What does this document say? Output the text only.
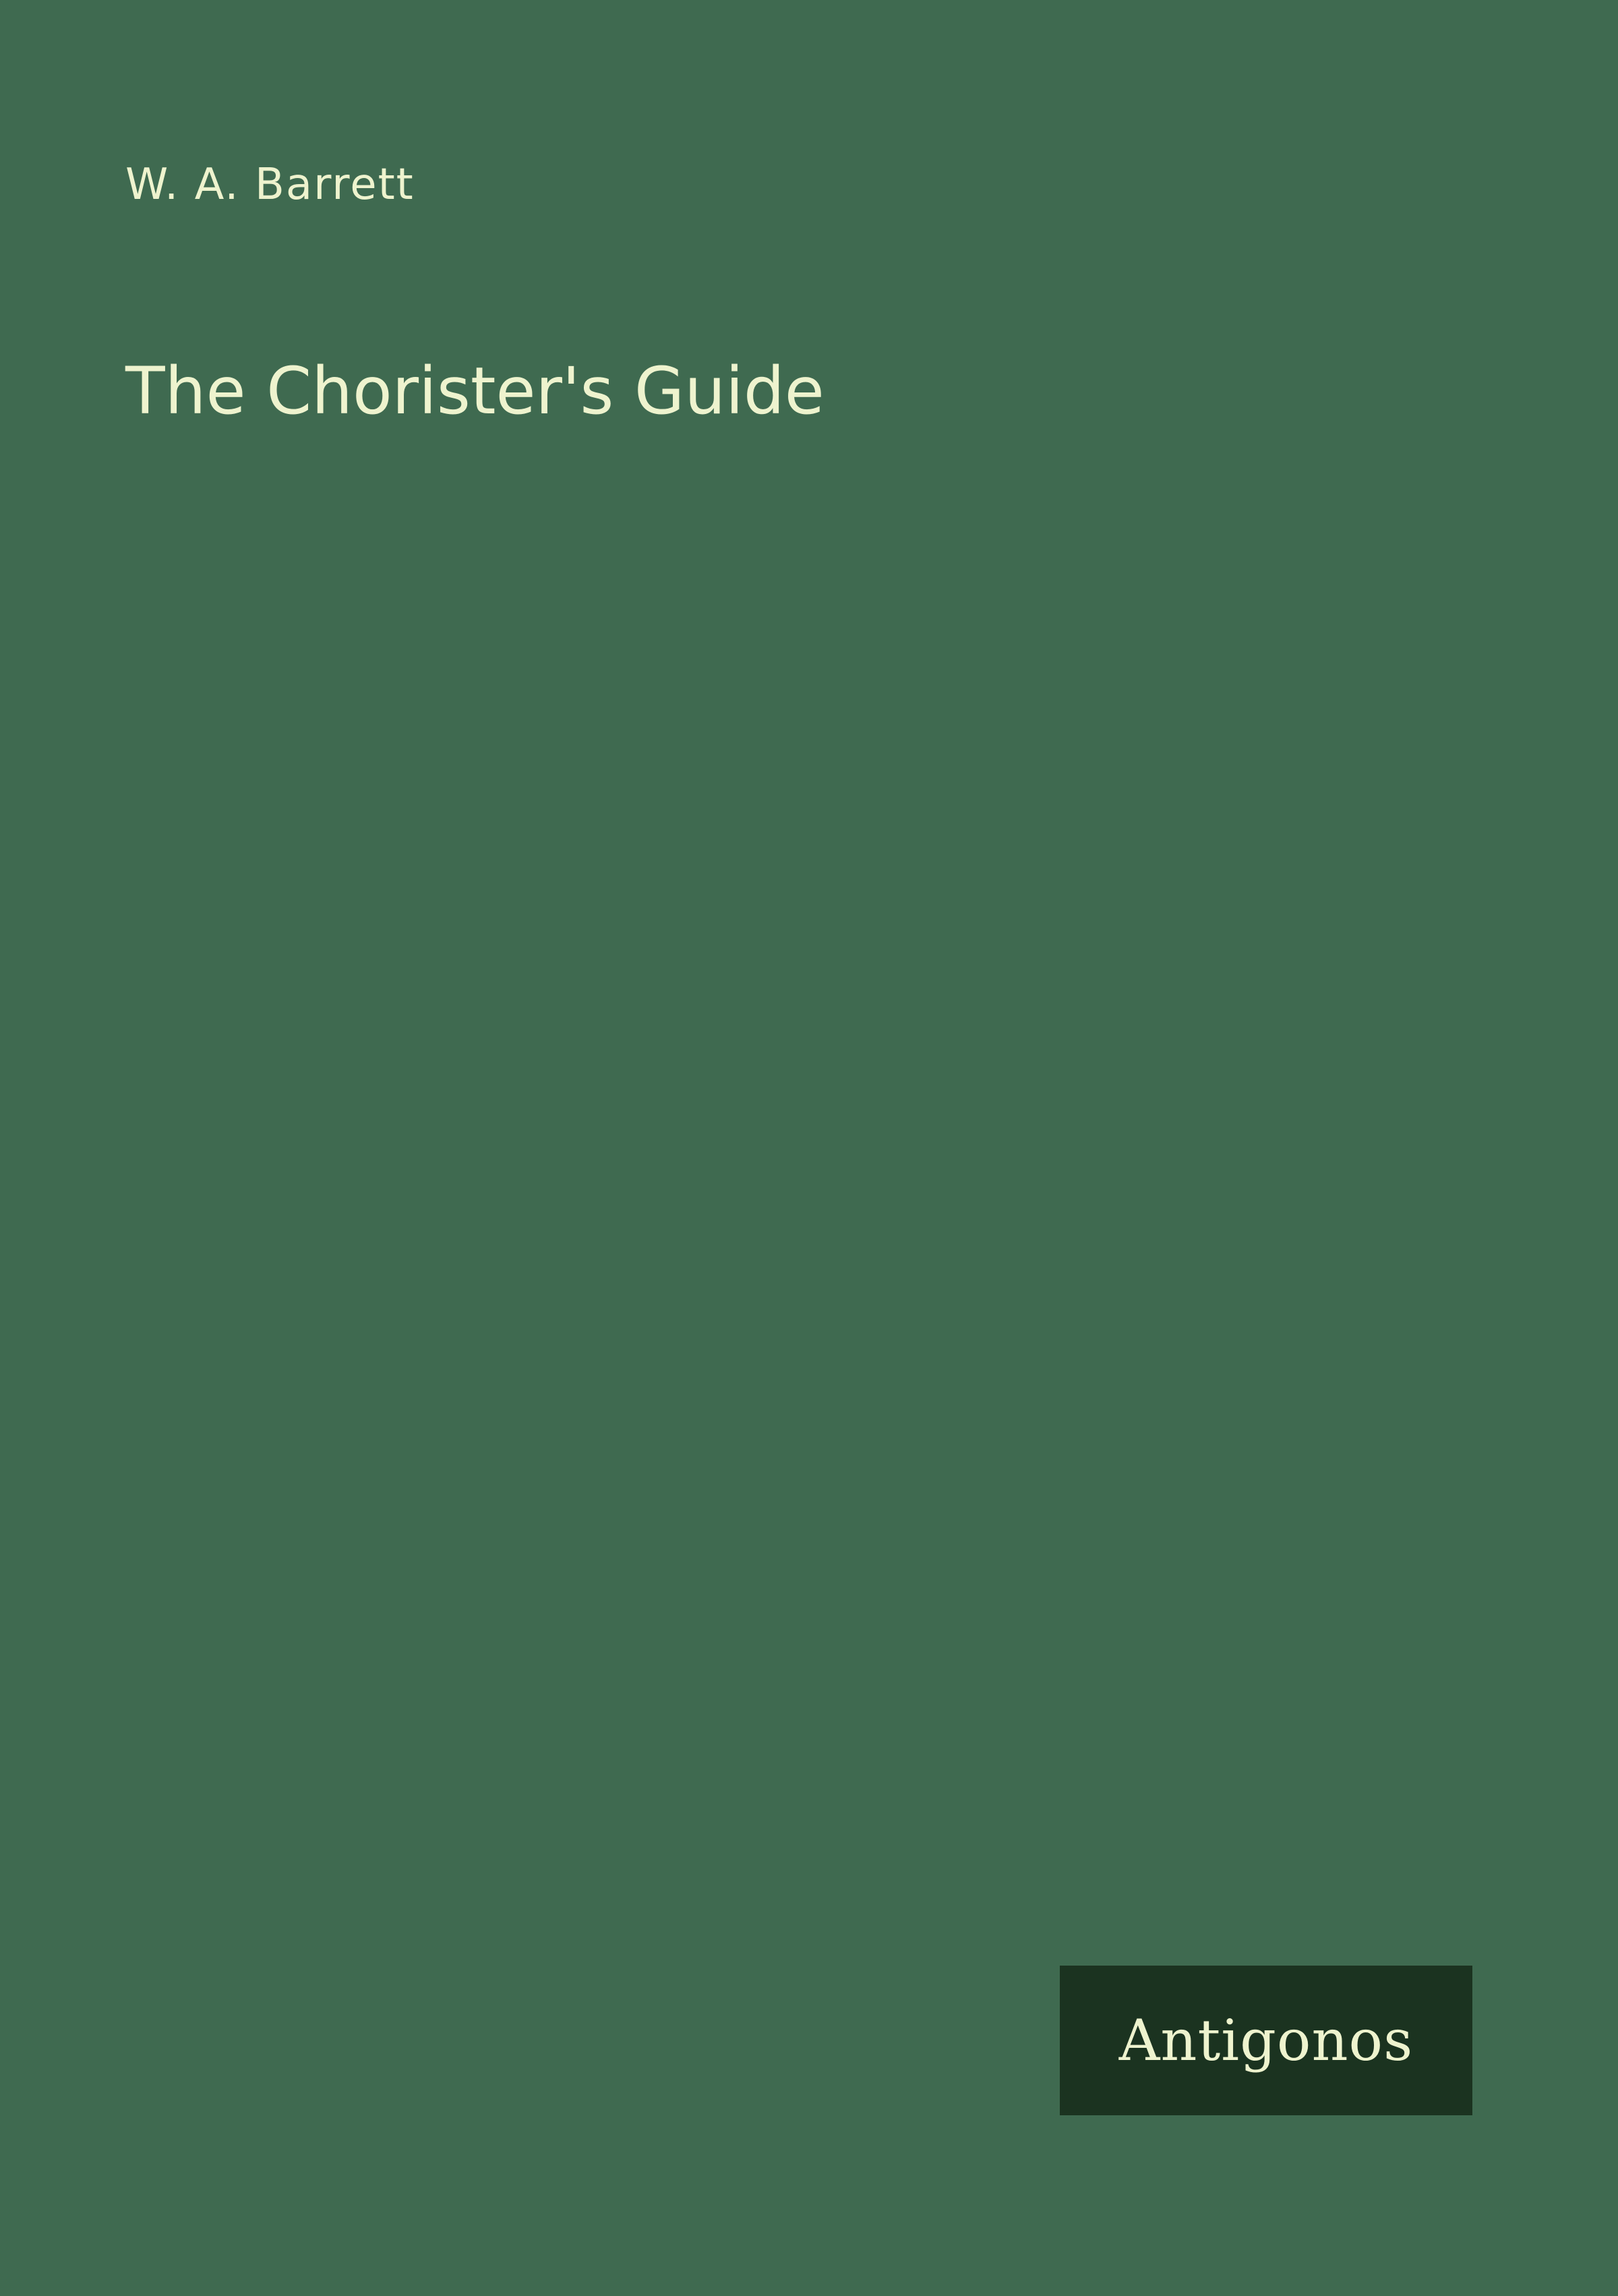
W. A. Barrett
The Chorister's Guide
Antigonos
